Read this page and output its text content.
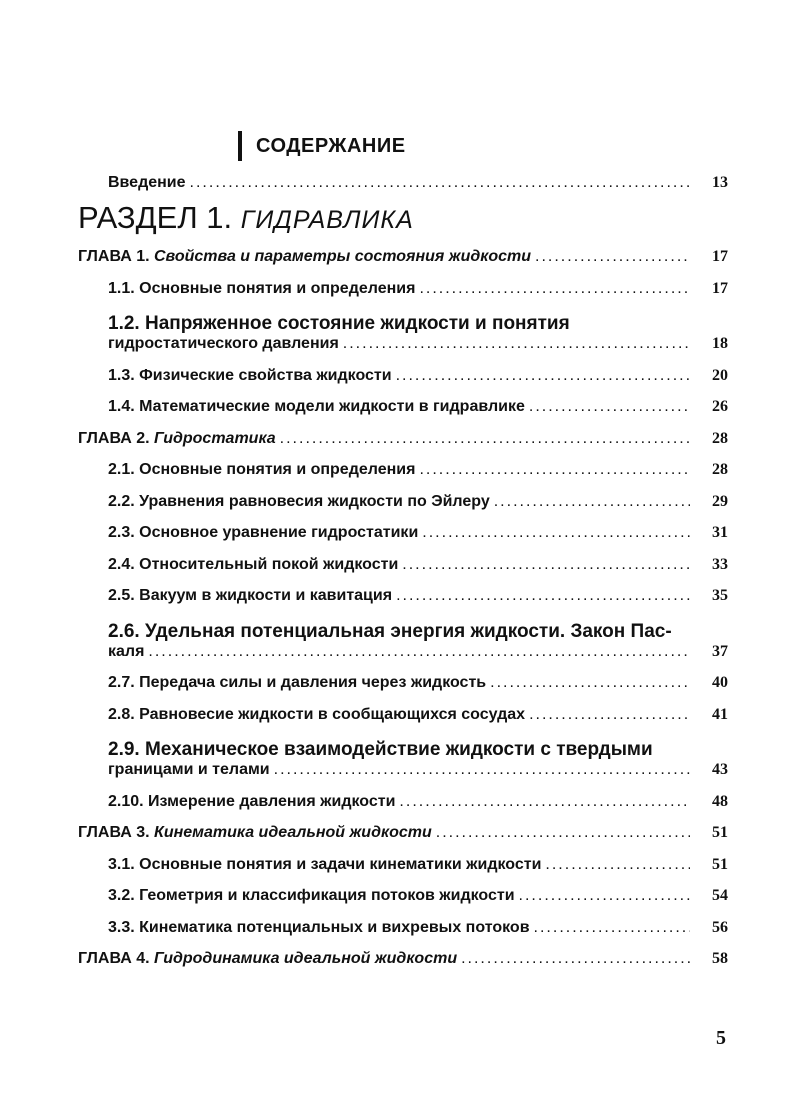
СОДЕРЖАНИЕ
Введение .....	13
РАЗДЕЛ 1. ГИДРАВЛИКА
ГЛАВА 1. Свойства и параметры состояния жидкости .....	17
1.1. Основные понятия и определения .....	17
1.2. Напряженное состояние жидкости и понятия
гидростатического давления .....	18
1.3. Физические свойства жидкости .....	20
1.4. Математические модели жидкости в гидравлике .....	26
ГЛАВА 2. Гидростатика .....	28
2.1. Основные понятия и определения .....	28
2.2. Уравнения равновесия жидкости по Эйлеру .....	29
2.3. Основное уравнение гидростатики .....	31
2.4. Относительный покой жидкости .....	33
2.5. Вакуум в жидкости и кавитация .....	35
2.6. Удельная потенциальная энергия жидкости. Закон Пас-
каля .....	37
2.7. Передача силы и давления через жидкость .....	40
2.8. Равновесие жидкости в сообщающихся сосудах .....	41
2.9. Механическое взаимодействие жидкости с твердыми
границами и телами .....	43
2.10. Измерение давления жидкости .....	48
ГЛАВА 3. Кинематика идеальной жидкости .....	51
3.1. Основные понятия и задачи кинематики жидкости .....	51
3.2. Геометрия и классификация потоков жидкости .....	54
3.3. Кинематика потенциальных и вихревых потоков .....	56
ГЛАВА 4. Гидродинамика идеальной жидкости .....	58
5
